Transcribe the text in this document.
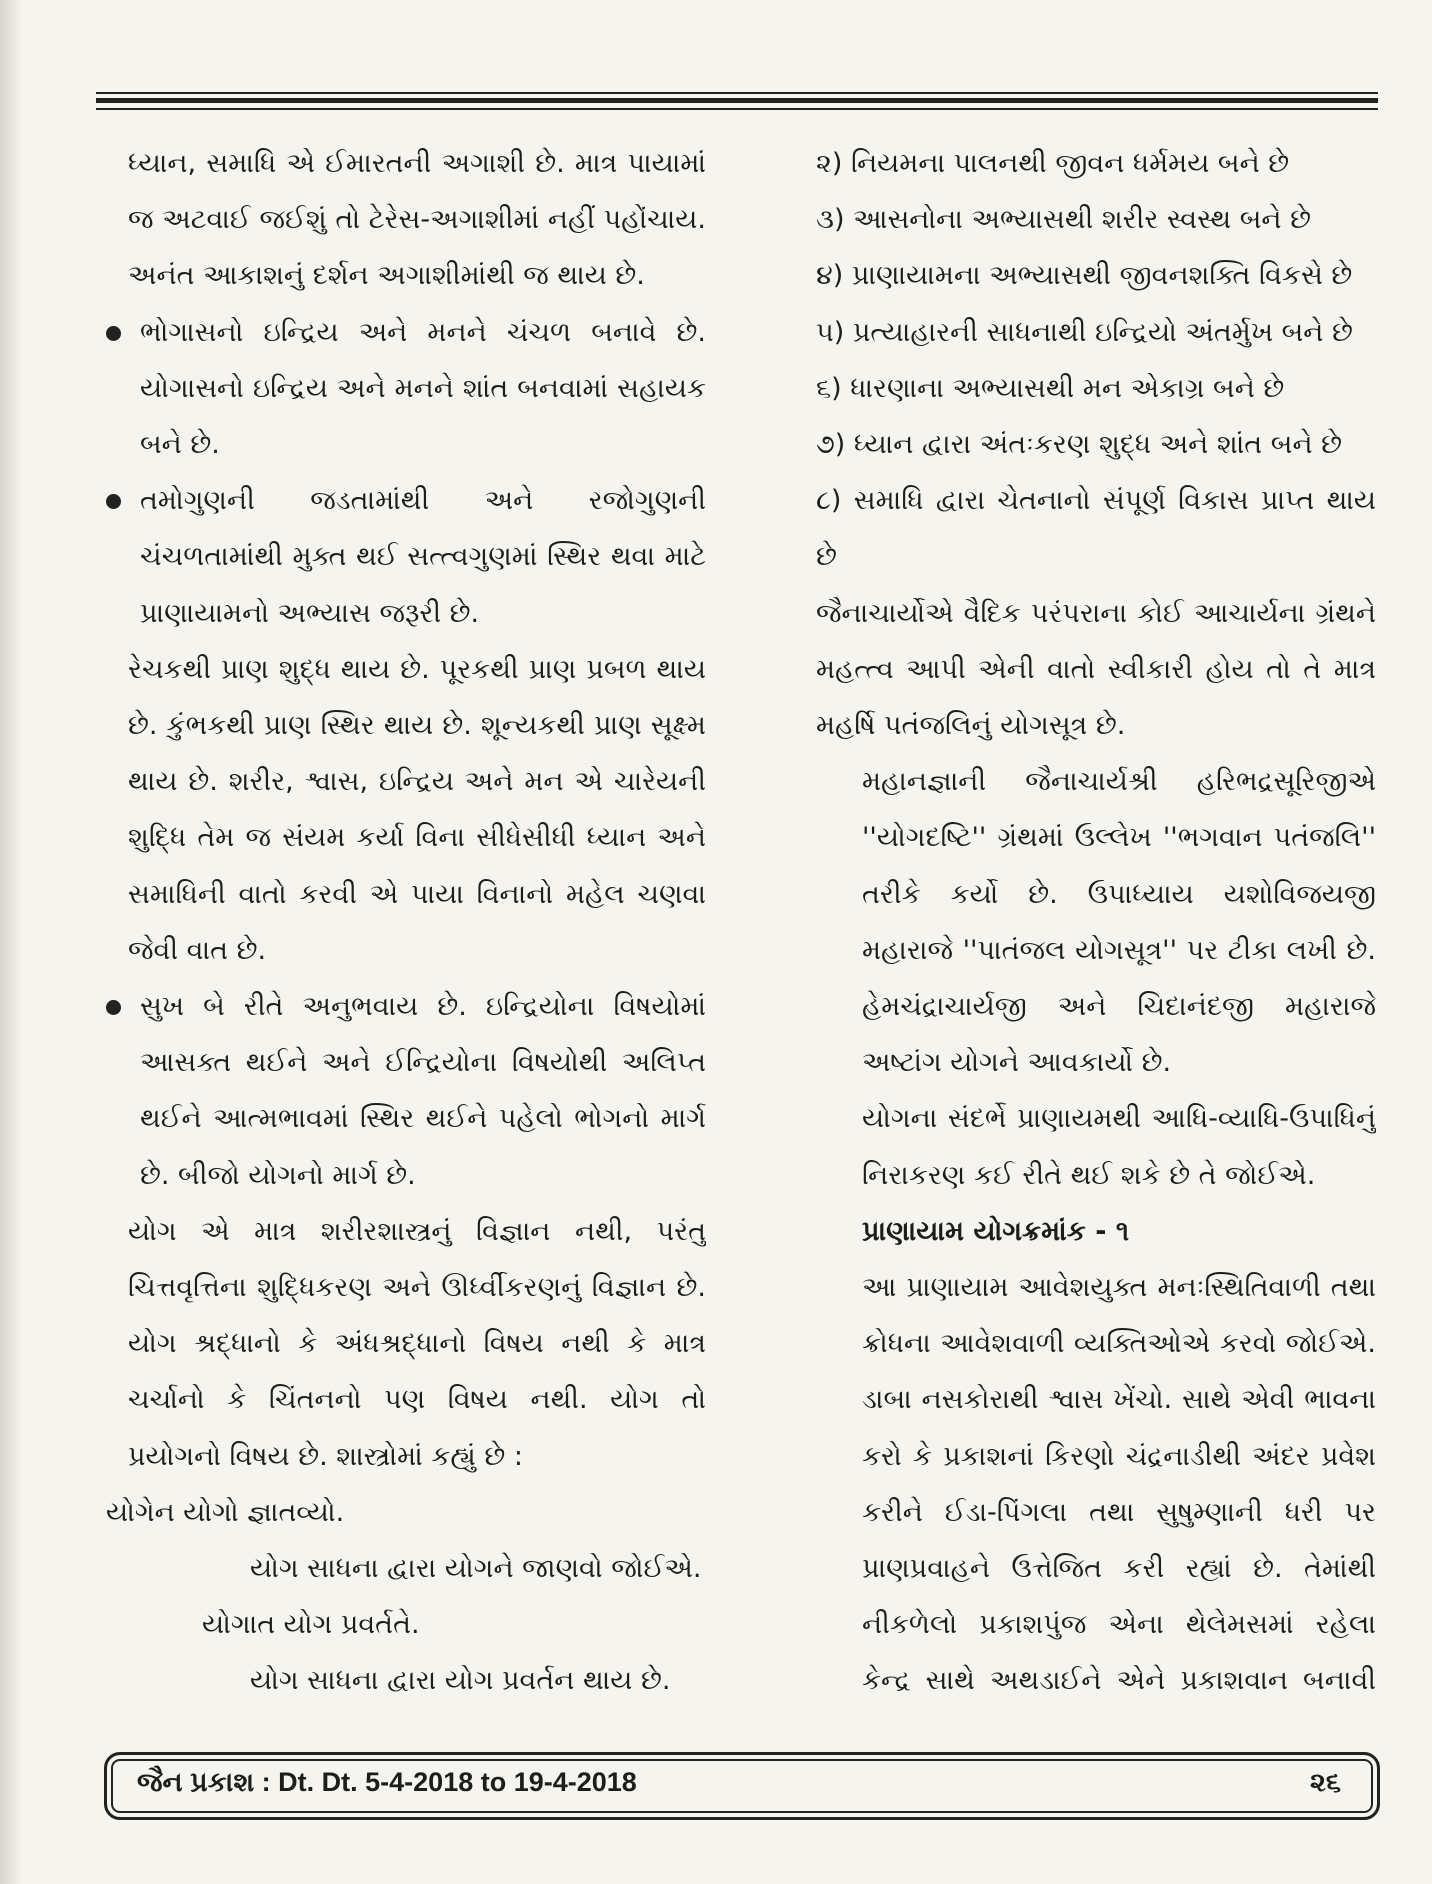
ધ્યાન, સમાધિ એ ઈમારતની અગાશી છે. માત્ર પાયામાં જ અટવાઈ જઈશું તો ટેરેસ-અગાશીમાં નહીં પહોંચાય. અનંત આકાશનું દર્શન અગાશીમાંથી જ થાય છે.

ભોગાસનો ઇન્દ્રિય અને મનને ચંચળ બનાવે છે. યોગાસનો ઇન્દ્રિય અને મનને શાંત બનવામાં સહાયક બને છે.
તમોગુણની જડતામાંથી અને રજોગુણની ચંચળતામાંથી મુક્ત થઈ સત્ત્વગુણમાં સ્થિર થવા માટે પ્રાણાયામનો અભ્યાસ જરૂરી છે.

રેચકથી પ્રાણ શુદ્ધ થાય છે. પૂરકથી પ્રાણ પ્રબળ થાય છે. કુંભકથી પ્રાણ સ્થિર થાય છે. શૂન્યકથી પ્રાણ સૂક્ષ્મ થાય છે. શરીર, શ્વાસ, ઇન્દ્રિય અને મન એ ચારેયની શુદ્ધિ તેમ જ સંયમ કર્યા વિના સીધેસીધી ધ્યાન અને સમાધિની વાતો કરવી એ પાયા વિનાનો મહેલ ચણવા જેવી વાત છે.

સુખ બે રીતે અનુભવાય છે. ઇન્દ્રિયોના વિષયોમાં આસક્ત થઈને અને ઈન્દ્રિયોના વિષયોથી અલિપ્ત થઈને આત્મભાવમાં સ્થિર થઈને પહેલો ભોગનો માર્ગ છે. બીજો યોગનો માર્ગ છે.

યોગ એ માત્ર શરીરશાસ્ત્રનું વિજ્ઞાન નથી, પરંતુ ચિત્તવૃત્તિના શુદ્ધિકરણ અને ઊર્ધ્વીકરણનું વિજ્ઞાન છે. યોગ શ્રદ્ધાનો કે અંધશ્રદ્ધાનો વિષય નથી કે માત્ર ચર્ચાનો કે ચિંતનનો પણ વિષય નથી. યોગ તો પ્રયોગનો વિષય છે. શાસ્ત્રોમાં કહ્યું છે :

યોગેન યોગો જ્ઞાતવ્યો.

યોગ સાધના દ્વારા યોગને જાણવો જોઈએ.

યોગાત યોગ પ્રવર્તતે.

યોગ સાધના દ્વારા યોગ પ્રવર્તન થાય છે.

૨) નિયમના પાલનથી જીવન ધર્મમય બને છે

૩) આસનોના અભ્યાસથી શરીર સ્વસ્થ બને છે

૪) પ્રાણાયામના અભ્યાસથી જીવનશક્તિ વિકસે છે

૫) પ્રત્યાહારની સાધનાથી ઇન્દ્રિયો અંતર્મુખ બને છે

૬) ધારણાના અભ્યાસથી મન એકાગ્ર બને છે

૭) ધ્યાન દ્વારા અંતઃકરણ શુદ્ધ અને શાંત બને છે

૮) સમાધિ દ્વારા ચેતનાનો સંપૂર્ણ વિકાસ પ્રાપ્ત થાય છે

જૈનાચાર્યોએ વૈદિક પરંપરાના કોઈ આચાર્યના ગ્રંથને મહત્ત્વ આપી એની વાતો સ્વીકારી હોય તો તે માત્ર મહર્ષિ પતંજલિનું યોગસૂત્ર છે.

મહાનજ્ઞાની જૈનાચાર્યશ્રી હરિભદ્રસૂરિજીએ ''યોગદષ્ટિ'' ગ્રંથમાં ઉલ્લેખ ''ભગવાન પતંજલિ'' તરીકે કર્યો છે. ઉપાધ્યાય યશોવિજયજી મહારાજે ''પાતંજલ યોગસૂત્ર'' પર ટીકા લખી છે. હેમચંદ્રાચાર્યજી અને ચિદાનંદજી મહારાજે અષ્ટાંગ યોગને આવકાર્યો છે.

યોગના સંદર્ભે પ્રાણાયમથી આધિ-વ્યાધિ-ઉપાધિનું નિરાકરણ કઈ રીતે થઈ શકે છે તે જોઈએ.

પ્રાણાયામ યોગક્રમાંક - ૧

આ પ્રાણાયામ આવેશયુક્ત મનઃસ્થિતિવાળી તથા ક્રોધના આવેશવાળી વ્યક્તિઓએ કરવો જોઈએ. ડાબા નસકોરાથી શ્વાસ ખેંચો. સાથે એવી ભાવના કરો કે પ્રકાશનાં કિરણો ચંદ્રનાડીથી અંદર પ્રવેશ કરીને ઈડા-પિંગલા તથા સુષુમ્ણાની ધરી પર પ્રાણપ્રવાહને ઉત્તેજિત કરી રહ્યાં છે. તેમાંથી નીકળેલો પ્રકાશપુંજ એના થેલેમસમાં રહેલા કેન્દ્ર સાથે અથડાઈને એને પ્રકાશવાન બનાવી

જૈન પ્રકાશ : Dt. Dt. 5-4-2018 to 19-4-2018	૨૬
